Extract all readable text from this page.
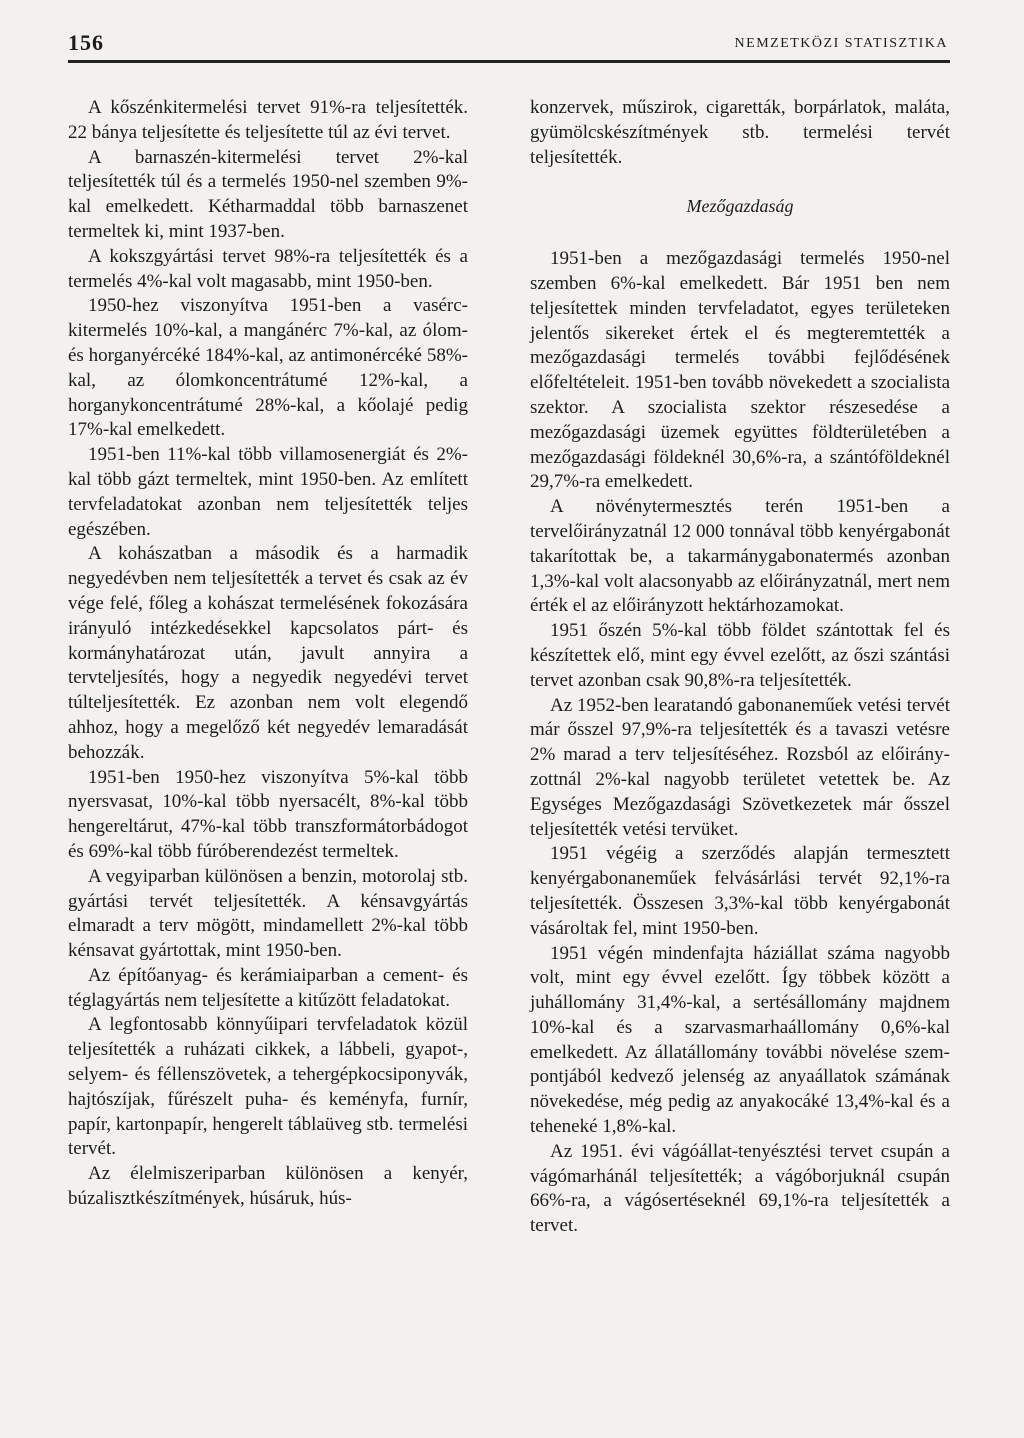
156	NEMZETKÖZI STATISZTIKA

A kőszénkitermelési tervet 91%-ra teljesítették. 22 bánya teljesítette és teljesítette túl az évi tervet.

A barnaszén-kitermelési tervet 2%-kal teljesítették túl és a termelés 1950-nel szemben 9%-kal emelkedett. Kétharmaddal több barnaszenet termeltek ki, mint 1937-ben.

A kokszgyártási tervet 98%-ra teljesítették és a termelés 4%-kal volt magasabb, mint 1950-ben.

1950-hez viszonyítva 1951-ben a vasérckitermelés 10%-kal, a mangánérc 7%-kal, az ólom- és horganyércéké 184%-kal, az antimonércéké 58%-kal, az ólomkoncentrátumé 12%-kal, a horganykoncentrátumé 28%-kal, a kőolajé pedig 17%-kal emelkedett.

1951-ben 11%-kal több villamosenergiát és 2%-kal több gázt termeltek, mint 1950-ben. Az említett tervfeladatokat azonban nem teljesítették teljes egészében.

A kohászatban a második és a harmadik negyedévben nem teljesítették a tervet és csak az év vége felé, főleg a kohászat termelésének fokozására irányuló intézkedésekkel kapcsolatos párt- és kormányhatározat után, javult annyira a tervteljesítés, hogy a negyedik negyedévi tervet túlteljesítették. Ez azonban nem volt elegendő ahhoz, hogy a megelőző két negyedév lemaradását behozzák.

1951-ben 1950-hez viszonyítva 5%-kal több nyersvasat, 10%-kal több nyersacélt, 8%-kal több hengereltárut, 47%-kal több transzformátorbádogot és 69%-kal több fúróberendezést termeltek.

A vegyiparban különösen a benzin, motorolaj stb. gyártási tervét teljesítették. A kénsavgyártás elmaradt a terv mögött, mindamellett 2%-kal több kénsavat gyártottak, mint 1950-ben.

Az építőanyag- és kerámiaiparban a cement- és téglagyártás nem teljesítette a kitűzött feladatokat.

A legfontosabb könnyűipari tervfeladatok közül teljesítették a ruházati cikkek, a lábbeli, gyapot-, selyem- és féllenszövetek, a tehergépkocsiponyvák, hajtószíjak, fűrészelt puha- és keményfa, furnír, papír, kartonpapír, hengerelt táblaüveg stb. termelési tervét.

Az élelmiszeriparban különösen a kenyér, búzalisztkészítmények, húsáruk, hús-

konzervek, műszirok, cigaretták, borpárlatok, maláta, gyümölcskészítmények stb. termelési tervét teljesítették.

Mezőgazdaság

1951-ben a mezőgazdasági termelés 1950-nel szemben 6%-kal emelkedett. Bár 1951 ben nem teljesítettek minden tervfeladatot, egyes területeken jelentős sikereket értek el és megteremtették a mezőgazdasági termelés további fejlődésének előfeltételeit. 1951-ben tovább növekedett a szocialista szektor. A szocialista szektor részesedése a mezőgazdasági üzemek együttes földterületében a mezőgazdasági földeknél 30,6%-ra, a szántóföldeknél 29,7%-ra emelkedett.

A növénytermesztés terén 1951-ben a tervelőirányzatnál 12 000 tonnával több kenyérgabonát takarítottak be, a takarmánygabonatermés azonban 1,3%-kal volt alacsonyabb az előirányzatnál, mert nem érték el az előirányzott hektárhozamokat.

1951 őszén 5%-kal több földet szántottak fel és készítettek elő, mint egy évvel ezelőtt, az őszi szántási tervet azonban csak 90,8%-ra teljesítették.

Az 1952-ben learatandó gabonaneműek vetési tervét már ősszel 97,9%-ra teljesítették és a tavaszi vetésre 2% marad a terv teljesítéséhez. Rozsból az előirányzottnál 2%-kal nagyobb területet vetettek be. Az Egységes Mezőgazdasági Szövetkezetek már ősszel teljesítették vetési tervüket.

1951 végéig a szerződés alapján termesztett kenyérgabonaneműek felvásárlási tervét 92,1%-ra teljesítették. Összesen 3,3%-kal több kenyérgabonát vásároltak fel, mint 1950-ben.

1951 végén mindenfajta háziállat száma nagyobb volt, mint egy évvel ezelőtt. Így többek között a juhállomány 31,4%-kal, a sertésállomány majdnem 10%-kal és a szarvasmarhaállomány 0,6%-kal emelkedett. Az állatállomány további növelése szempontjából kedvező jelenség az anyaállatok számának növekedése, még pedig az anyakocáké 13,4%-kal és a teheneké 1,8%-kal.

Az 1951. évi vágóállat-tenyésztési tervet csupán a vágómarhánál teljesítették; a vágóborjuknál csupán 66%-ra, a vágósertéseknél 69,1%-ra teljesítették a tervet.
